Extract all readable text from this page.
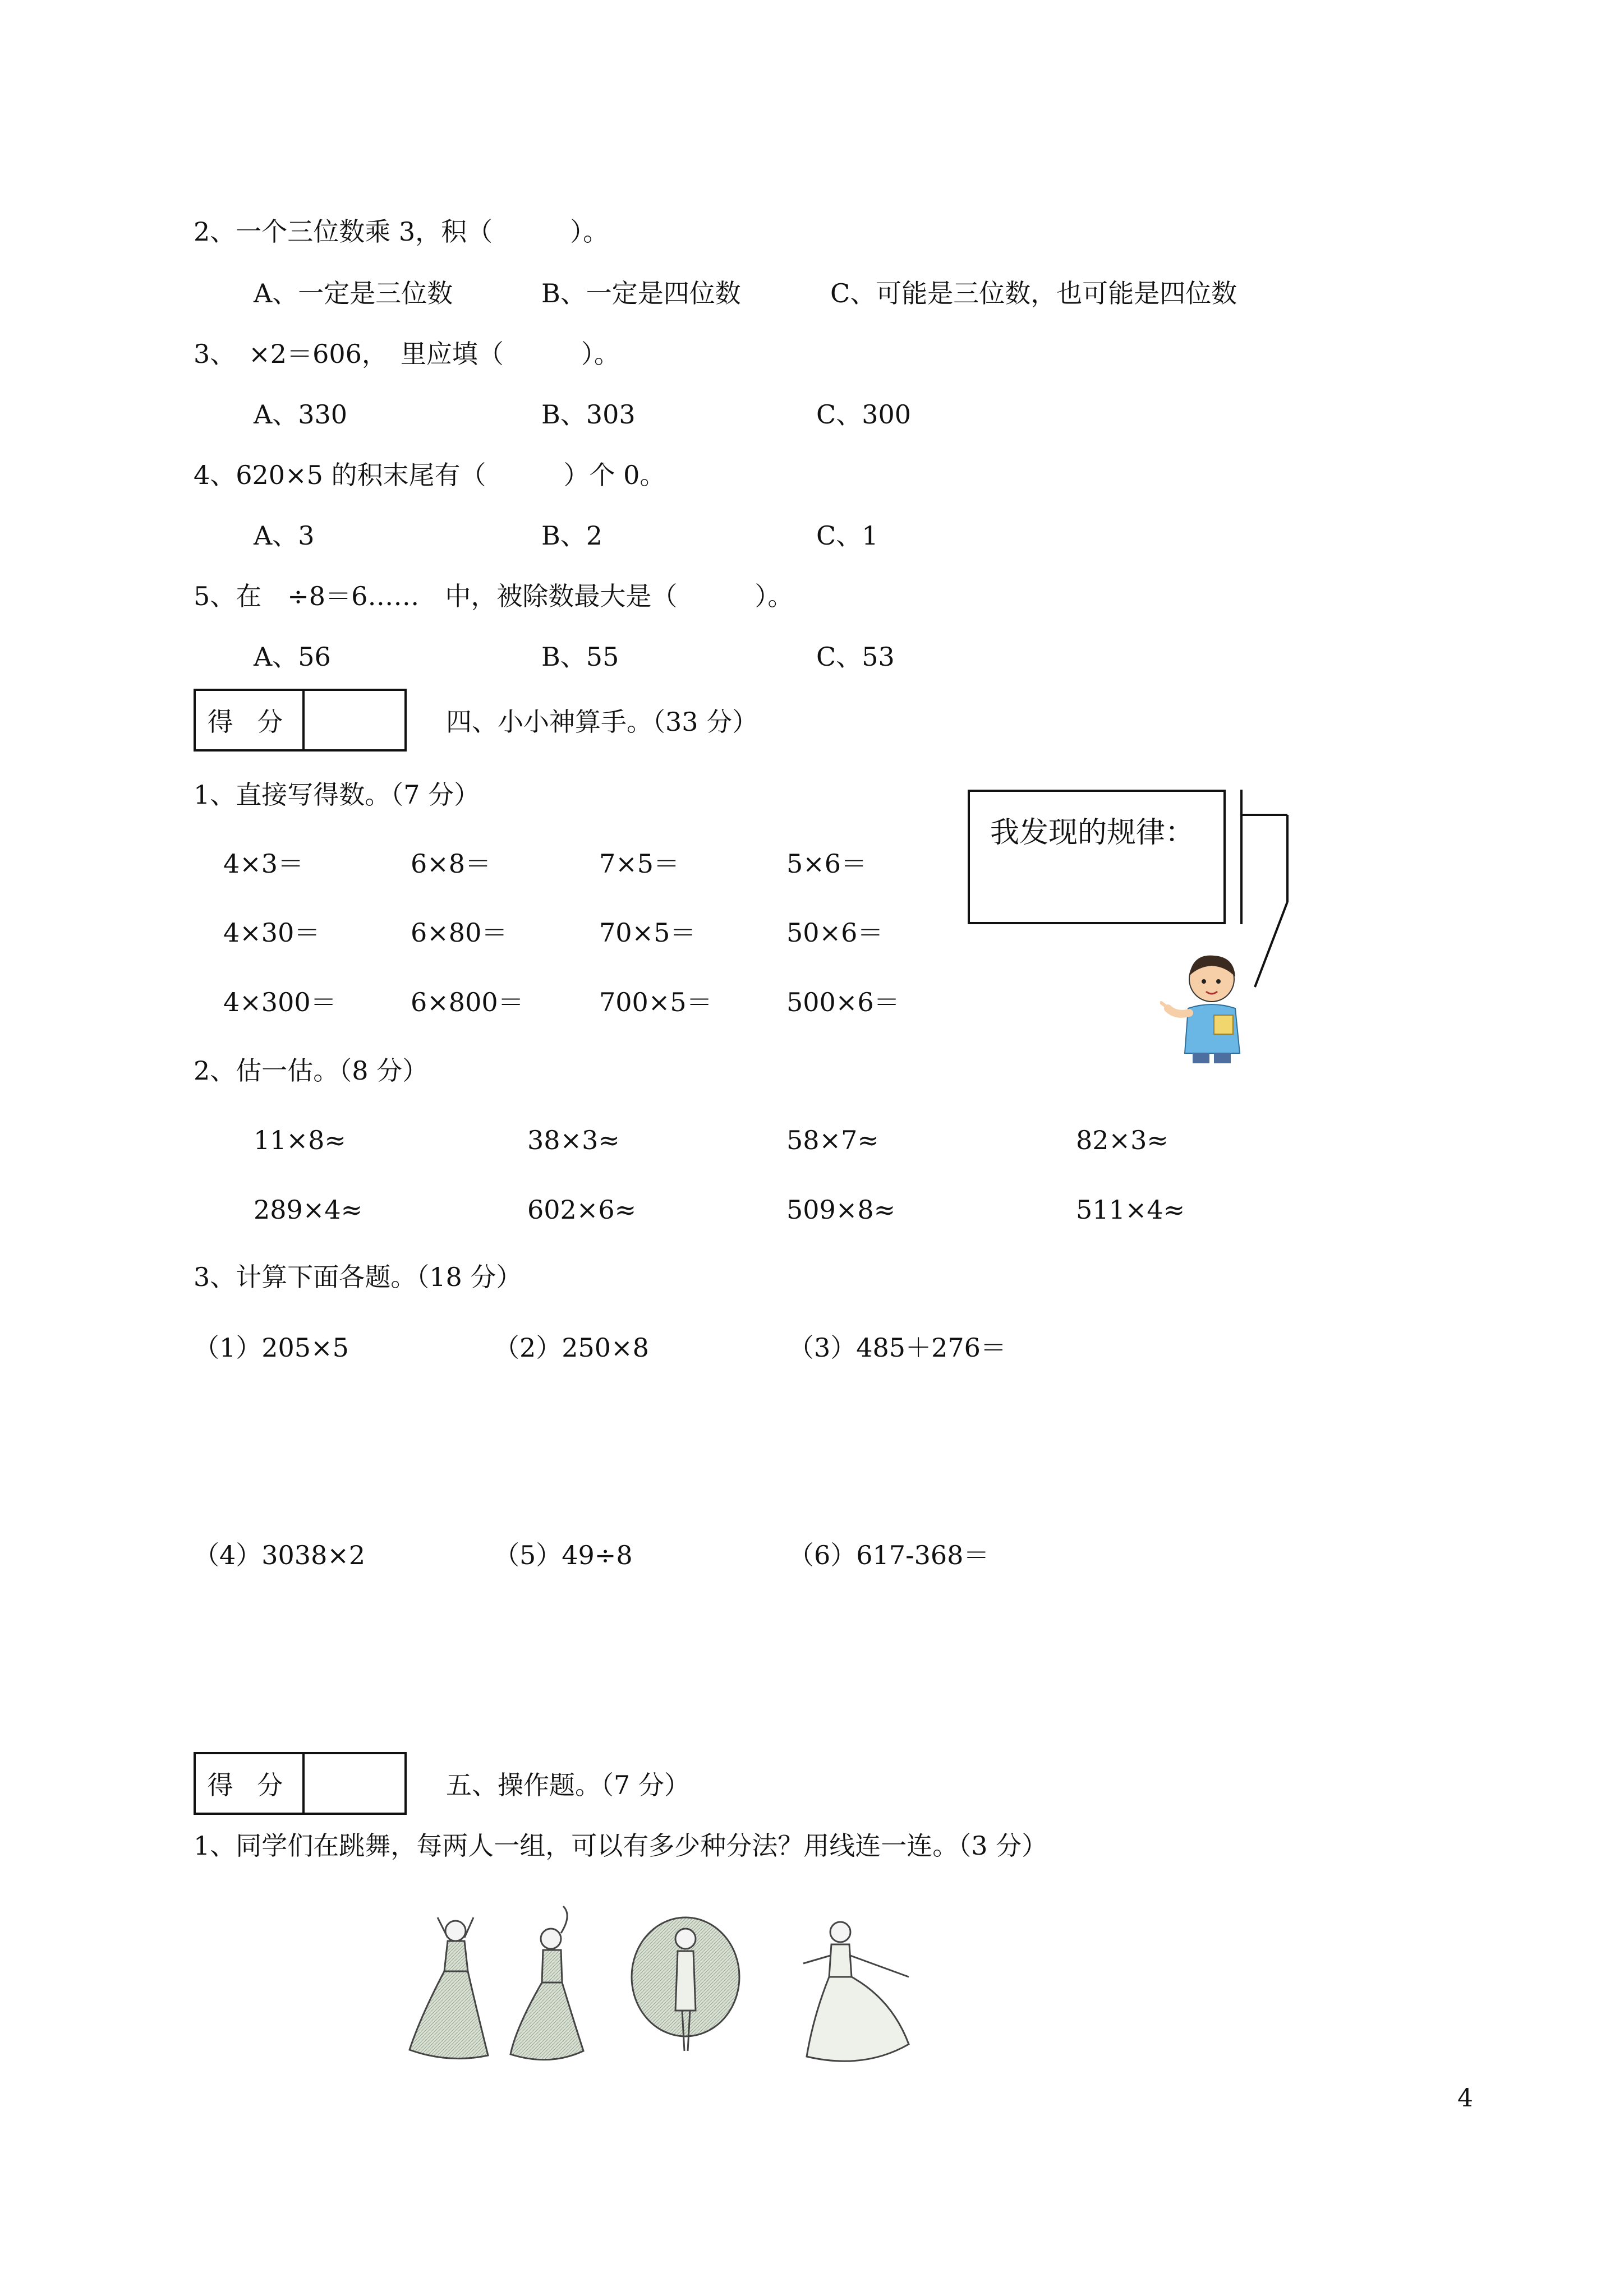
2、一个三位数乘 3，积（　　　）。
A、一定是三位数	B、一定是四位数	C、可能是三位数，也可能是四位数
3、　×2＝606，　里应填（　　　）。
A、330	B、303	C、300
4、620×5 的积末尾有（　　　）个 0。
A、3	B、2	C、1
5、在　÷8＝6……　中，被除数最大是（　　　）。
A、56	B、55	C、53
得 分	四、小小神算手。（33 分）
1、直接写得数。（7 分）
4×3＝	6×8＝	7×5＝	5×6＝
4×30＝	6×80＝	70×5＝	50×6＝
4×300＝	6×800＝	700×5＝	500×6＝
我发现的规律：
2、估一估。（8 分）
11×8≈	38×3≈	58×7≈	82×3≈
289×4≈	602×6≈	509×8≈	511×4≈
3、计算下面各题。（18 分）
（1）205×5	（2）250×8	（3）485＋276＝
（4）3038×2	（5）49÷8	（6）617-368＝
得 分	五、操作题。（7 分）
1、同学们在跳舞，每两人一组，可以有多少种分法？用线连一连。（3 分）
4
